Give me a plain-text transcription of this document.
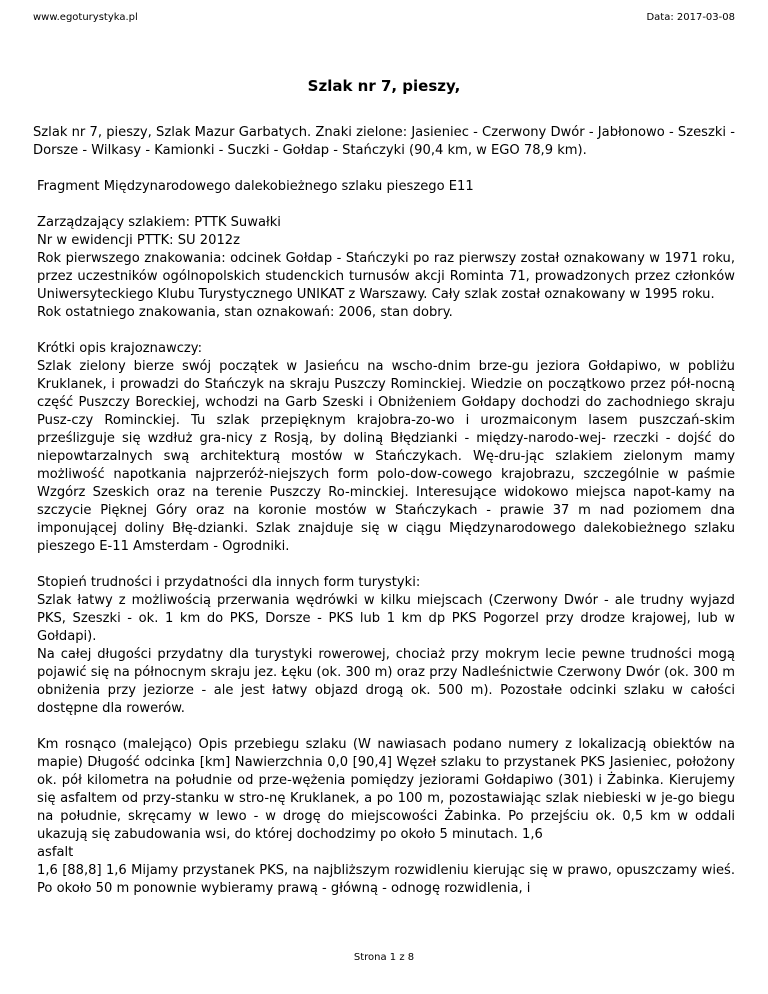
www.egoturystyka.pl	Data: 2017-03-08
Szlak nr 7, pieszy,

Szlak nr 7, pieszy, Szlak Mazur Garbatych. Znaki zielone: Jasieniec - Czerwony Dwór - Jabłonowo - Szeszki - Dorsze - Wilkasy - Kamionki - Suczki - Gołdap - Stańczyki (90,4 km, w EGO 78,9 km).

Fragment Międzynarodowego dalekobieżnego szlaku pieszego E11

Zarządzający szlakiem: PTTK Suwałki

Nr w ewidencji PTTK: SU 2012z

Rok pierwszego znakowania: odcinek Gołdap - Stańczyki po raz pierwszy został oznakowany w 1971 roku, przez uczestników ogólnopolskich studenckich turnusów akcji Rominta 71, prowadzonych przez członków Uniwersyteckiego Klubu Turystycznego UNIKAT z Warszawy. Cały szlak został oznakowany w 1995 roku.

Rok ostatniego znakowania, stan oznakowań: 2006, stan dobry.

Krótki opis krajoznawczy:

Szlak zielony bierze swój początek w Jasieńcu na wscho-dnim brze-gu jeziora Gołdapiwo, w pobliżu Kruklanek, i prowadzi do Stańczyk na skraju Puszczy Rominckiej. Wiedzie on początkowo przez pół-nocną część Puszczy Boreckiej, wchodzi na Garb Szeski i Obniżeniem Gołdapy dochodzi do zachodniego skraju Pusz-czy Rominckiej. Tu szlak przepięknym krajobra-zo-wo i urozmaiconym lasem puszczań-skim prześlizguje się wzdłuż gra-nicy z Rosją, by doliną Błędzianki - między-narodo-wej- rzeczki - dojść do niepowtarzalnych swą architekturą mostów w Stańczykach. Wę-dru-jąc szlakiem zielonym mamy możliwość napotkania najprzeróż-niejszych form polo-dow-cowego krajobrazu, szczególnie w paśmie Wzgórz Szeskich oraz na terenie Puszczy Ro-minckiej. Interesujące widokowo miejsca napot-kamy na szczycie Pięknej Góry oraz na koronie mostów w Stańczykach - prawie 37 m nad poziomem dna imponującej doliny Błę-dzianki. Szlak znajduje się w ciągu Międzynarodowego dalekobieżnego szlaku pieszego E-11 Amsterdam - Ogrodniki.

Stopień trudności i przydatności dla innych form turystyki:

Szlak łatwy z możliwością przerwania wędrówki w kilku miejscach (Czerwony Dwór - ale trudny wyjazd PKS, Szeszki - ok. 1 km do PKS, Dorsze - PKS lub 1 km dp PKS Pogorzel przy drodze krajowej, lub w Gołdapi).

Na całej długości przydatny dla turystyki rowerowej, chociaż przy mokrym lecie pewne trudności mogą pojawić się na północnym skraju jez. Łęku (ok. 300 m) oraz przy Nadleśnictwie Czerwony Dwór (ok. 300 m obniżenia przy jeziorze - ale jest łatwy objazd drogą ok. 500 m). Pozostałe odcinki szlaku w całości dostępne dla rowerów.

Km rosnąco (malejąco) Opis przebiegu szlaku (W nawiasach podano numery z lokalizacją obiektów na mapie) Długość odcinka [km] Nawierzchnia 0,0 [90,4] Węzeł szlaku to przystanek PKS Jasieniec, położony ok. pół kilometra na południe od prze-wężenia pomiędzy jeziorami Gołdapiwo (301) i Żabinka. Kierujemy się asfaltem od przy-stanku w stro-nę Kruklanek, a po 100 m, pozostawiając szlak niebieski w je-go biegu na południe, skręcamy w lewo - w drogę do miejscowości Żabinka. Po przejściu ok. 0,5 km w oddali ukazują się zabudowania wsi, do której dochodzimy po około 5 minutach. 1,6

asfalt

1,6 [88,8] 1,6 Mijamy przystanek PKS, na najbliższym rozwidleniu kierując się w prawo, opuszczamy wieś. Po około 50 m ponownie wybieramy prawą - główną - odnogę rozwidlenia, i

Strona 1 z 8
